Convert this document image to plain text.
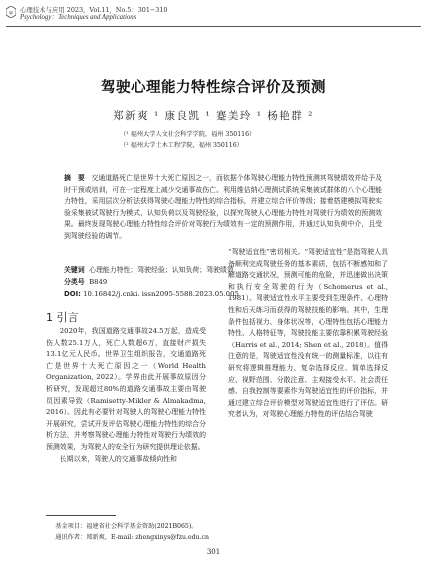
ψ 心理技术与应用 2023，Vol.11，No.5：301−310
Psychology：Techniques and Applications
驾驶心理能力特性综合评价及预测
郑新爽 ¹ 康良凯 ¹ 蹇美玲 ¹ 杨艳群 ²
（¹ 福州大学人文社会科学学院，福州 350116）
（² 福州大学土木工程学院，福州 350116）
摘　要 交通道路死亡是世界十大死亡原因之一，而依据个体驾驶心理能力特性预测其驾驶绩效并给予及时干预或培训，可在一定程度上减少交通事故伤亡。利用维估纳心理测试系统采集被试群体的八个心理能力特性，采用层次分析法获得驾驶心理能力特性的综合指标，并建立综合评价等级；接着搭建模拟驾驶实验采集被试驾驶行为模式、认知负荷以及驾驶经验，以探究驾驶人心理能力特性对驾驶行为绩效的预测效果。最终发现驾驶心理能力特性综合评价对驾驶行为绩效有一定的预测作用，并通过认知负荷中介，且受到驾驶经验的调节。
关键词 心理能力特性；驾驶经验；认知负荷；驾驶绩效
分类号 B849
DOI: 10.16842/j.cnki. issn2095-5588.2023.05.005
1 引言

2020年，我国道路交通事故24.5万起，造成受伤人数25.1万人，死亡人数超6万，直接财产损失13.1亿元人民币。世界卫生组织报告，交通道路死亡是世界十大死亡原因之一（World Health Organization, 2022）。学界由此开展事故原因分析研究，发现超过80%的道路交通事故主要由驾驶员因素导致（Ramisetty-Mikler & Almakadma, 2016）。因此有必要针对驾驶人的驾驶心理能力特性开展研究，尝试开发评估驾驶心理能力特性的综合分析方法，并考察驾驶心理能力特性对驾驶行为绩效的预测效果，为驾驶人的安全行为研究提供理论依据。

长期以来，驾驶人的交通事故倾向性和

“驾驶适宜性”密切相关。“驾驶适宜性”是指驾驶人具备顺利完成驾驶任务的基本素质，包括不断感知和了解道路交通状况，预测可能的危险，并迅速做出决策和执行安全驾驶的行为（Schomerus et al., 1981）。驾驶适宜性水平主要受到生理条件、心理特性和后天练习而获得的驾驶技能的影响。其中，生理条件包括视力、身体状况等，心理特性包括心理能力特性、人格特征等，驾驶技能主要依靠积累驾驶经验（Harris et al., 2014; Shen et al., 2018）。值得注意的是，驾驶适宜性没有统一的测量标准，以往有研究将逻辑推理能力、复杂选择反应、简单选择反应、视野范围、分散注意、主观接受水平、社会责任感、自我控制等要素作为驾驶适宜性的评价指标，并通过建立综合评价模型对驾驶适宜性进行了评估。研究者认为，对驾驶心理能力特性的评估结合驾驶

基金项目：福建省社会科学基金资助(2021B065)。
通讯作者：郑新爽，E-mail: zhengxinys@fzu.edu.cn
301
